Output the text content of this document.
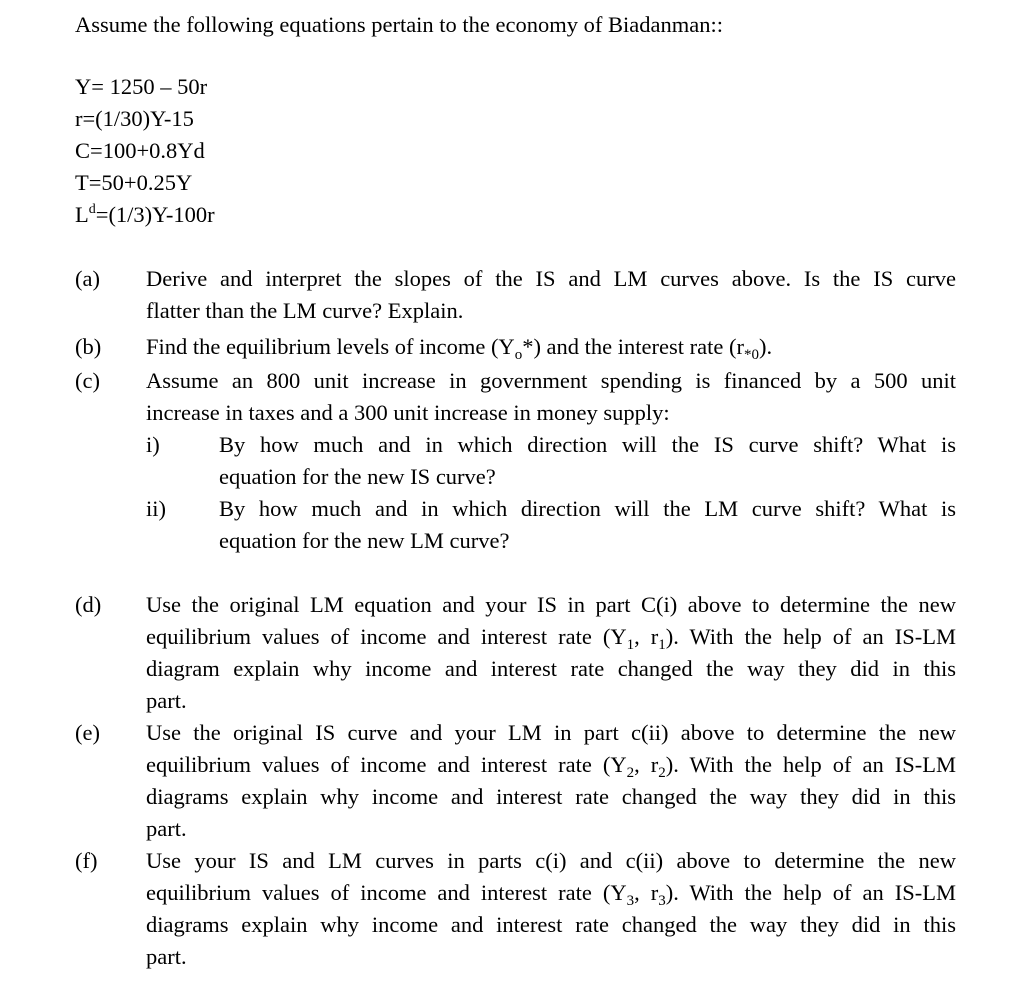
Assume the following equations pertain to the economy of Biadanman::
Y= 1250 – 50r
r=(1/30)Y-15
C=100+0.8Yd
T=50+0.25Y
$L^d=(1/3)Y-100r$
(a) Derive and interpret the slopes of the IS and LM curves above. Is the IS curve
flatter than the LM curve? Explain.
(b) Find the equilibrium levels of income $(Y_o*)$ and the interest rate $(r_{*0})$.
(c) Assume an 800 unit increase in government spending is financed by a 500 unit
increase in taxes and a 300 unit increase in money supply:
i)	By how much and in which direction will the IS curve shift? What is
equation for the new IS curve?
ii) By how much and in which direction will the LM curve shift? What is
equation for the new LM curve?
(d) Use the original LM equation and your IS in part C(i) above to determine the new
equilibrium values of income and interest rate ($Y_1$, $r_1$). With the help of an IS-LM
diagram explain why income and interest rate changed the way they did in this
part.
(e) Use the original IS curve and your LM in part c(ii) above to determine the new
equilibrium values of income and interest rate ($Y_2$, $r_2$). With the help of an IS-LM
diagrams explain why income and interest rate changed the way they did in this
part.
(f) Use your IS and LM curves in parts c(i) and c(ii) above to determine the new
equilibrium values of income and interest rate ($Y_3$, $r_3$). With the help of an IS-LM
diagrams explain why income and interest rate changed the way they did in this
part.
